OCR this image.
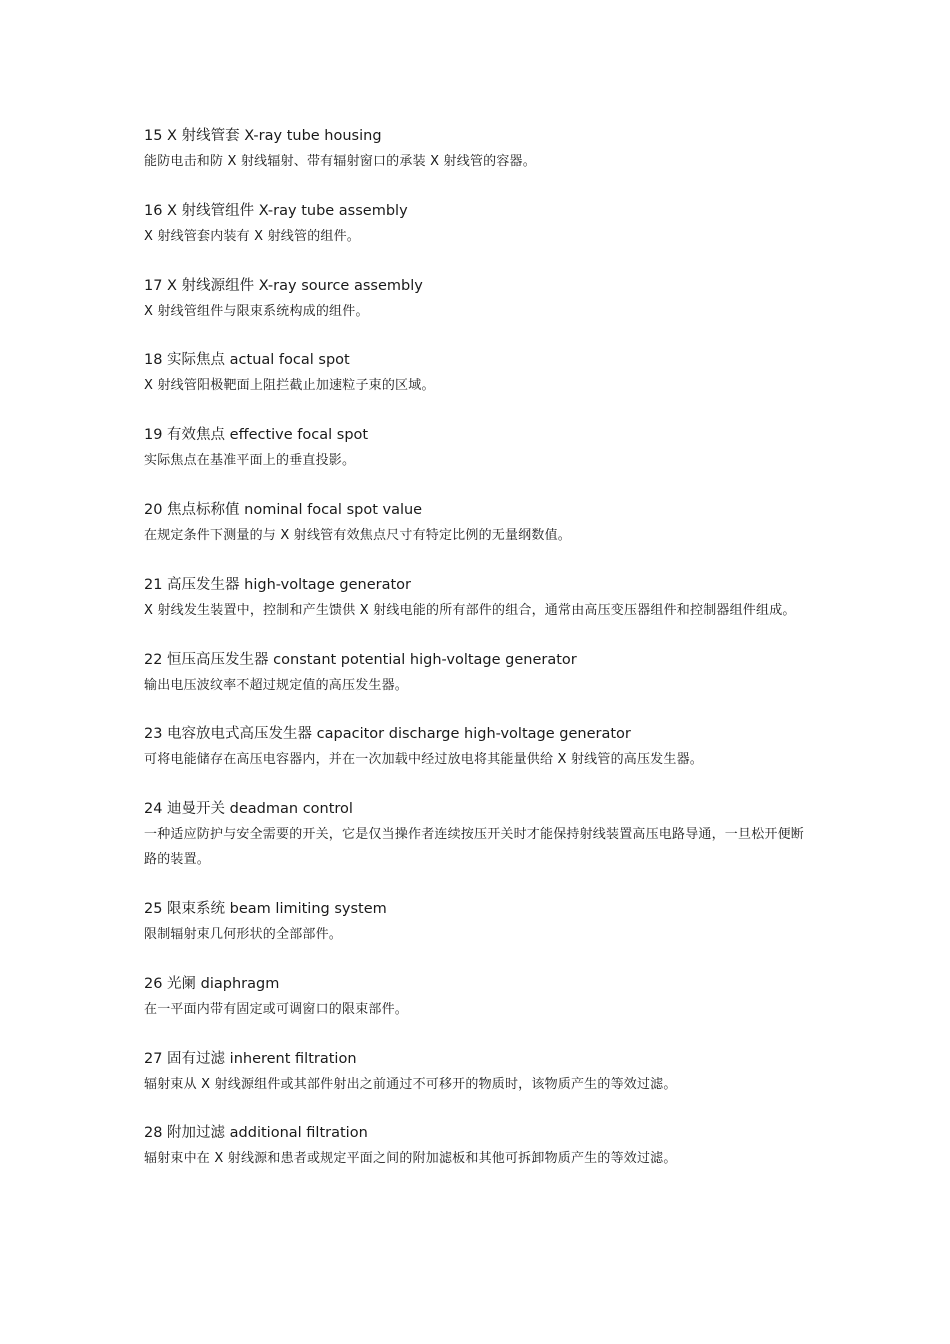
15 X 射线管套 X-ray tube housing
能防电击和防 X 射线辐射、带有辐射窗口的承装 X 射线管的容器。
16 X 射线管组件 X-ray tube assembly
X 射线管套内装有 X 射线管的组件。
17 X 射线源组件 X-ray source assembly
X 射线管组件与限束系统构成的组件。
18 实际焦点 actual focal spot
X 射线管阳极靶面上阻拦截止加速粒子束的区域。
19 有效焦点 effective focal spot
实际焦点在基准平面上的垂直投影。
20 焦点标称值 nominal focal spot value
在规定条件下测量的与 X 射线管有效焦点尺寸有特定比例的无量纲数值。
21 高压发生器 high-voltage generator
X 射线发生装置中，控制和产生馈供 X 射线电能的所有部件的组合，通常由高压变压器组件和控制器组件组成。
22 恒压高压发生器 constant potential high-voltage generator
输出电压波纹率不超过规定值的高压发生器。
23 电容放电式高压发生器 capacitor discharge high-voltage generator
可将电能储存在高压电容器内，并在一次加载中经过放电将其能量供给 X 射线管的高压发生器。
24 迪曼开关 deadman control
一种适应防护与安全需要的开关，它是仅当操作者连续按压开关时才能保持射线装置高压电路导通，一旦松开便断路的装置。
25 限束系统 beam limiting system
限制辐射束几何形状的全部部件。
26 光阑 diaphragm
在一平面内带有固定或可调窗口的限束部件。
27 固有过滤 inherent filtration
辐射束从 X 射线源组件或其部件射出之前通过不可移开的物质时，该物质产生的等效过滤。
28 附加过滤 additional filtration
辐射束中在 X 射线源和患者或规定平面之间的附加滤板和其他可拆卸物质产生的等效过滤。
